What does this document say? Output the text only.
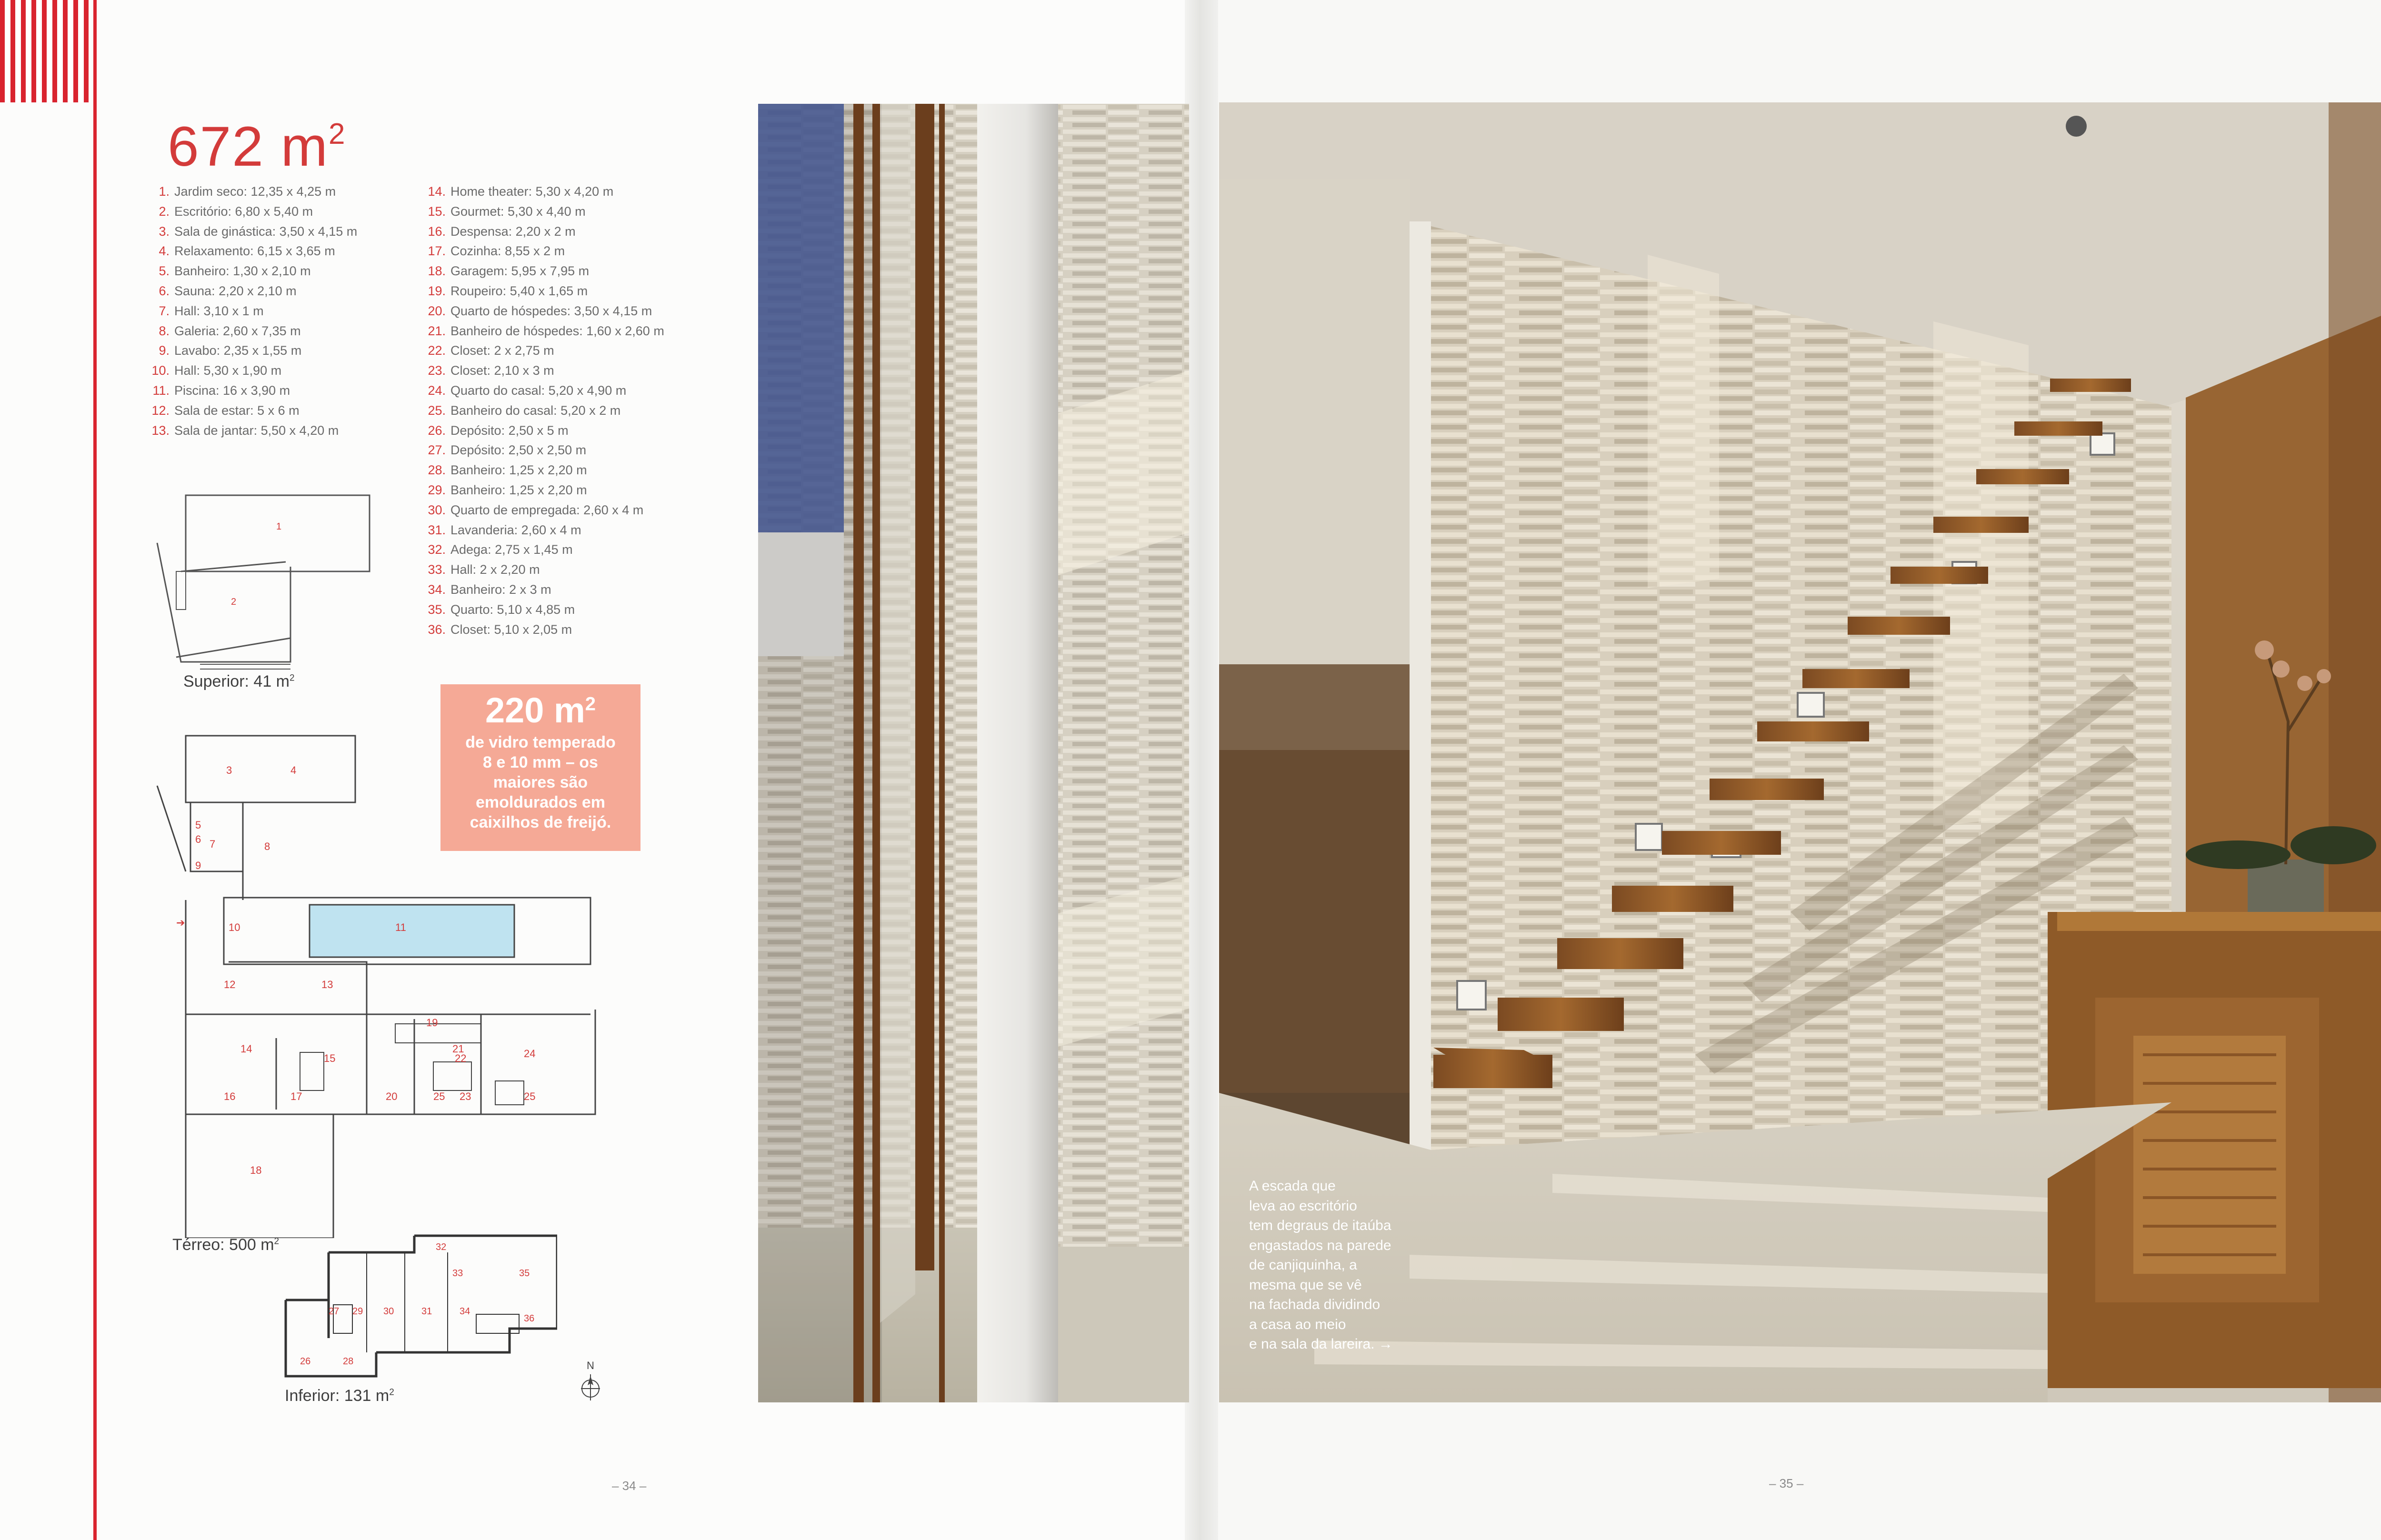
672 $m^2$
1. Jardim seco: 12,35 x 4,25 m
2. Escritório: 6,80 x 5,40 m
3. Sala de ginástica: 3,50 x 4,15 m
4. Relaxamento: 6,15 x 3,65 m
5. Banheiro: 1,30 x 2,10 m
6. Sauna: 2,20 x 2,10 m
7. Hall: 3,10 x 1 m
8. Galeria: 2,60 x 7,35 m
9. Lavabo: 2,35 x 1,55 m
10. Hall: 5,30 x 1,90 m
11. Piscina: 16 x 3,90 m
12. Sala de estar: 5 x 6 m
13. Sala de jantar: 5,50 x 4,20 m
14. Home theater: 5,30 x 4,20 m
15. Gourmet: 5,30 x 4,40 m
16. Despensa: 2,20 x 2 m
17. Cozinha: 8,55 x 2 m
18. Garagem: 5,95 x 7,95 m
19. Roupeiro: 5,40 x 1,65 m
20. Quarto de hóspedes: 3,50 x 4,15 m
21. Banheiro de hóspedes: 1,60 x 2,60 m
22. Closet: 2 x 2,75 m
23. Closet: 2,10 x 3 m
24. Quarto do casal: 5,20 x 4,90 m
25. Banheiro do casal: 5,20 x 2 m
26. Depósito: 2,50 x 5 m
27. Depósito: 2,50 x 2,50 m
28. Banheiro: 1,25 x 2,20 m
29. Banheiro: 1,25 x 2,20 m
30. Quarto de empregada: 2,60 x 4 m
31. Lavanderia: 2,60 x 4 m
32. Adega: 2,75 x 1,45 m
33. Hall: 2 x 2,20 m
34. Banheiro: 2 x 3 m
35. Quarto: 5,10 x 4,85 m
36. Closet: 5,10 x 2,05 m
1
2
Superior: 41 $m^2$
220 $m^2$
de vidro temperado
8 e 10 mm – os
maiores são
emoldurados em
caixilhos de freijó.
3	4
5
6 7	8
9
10	11
12	13
14
15
16	17
18
19
20
21
22
23
24
25	25
➔
Térreo: 500 $m^2$
32
33	35
27 29 30	31	34
36
26	28
Inferior: 131 $m^2$
N
A escada que
leva ao escritório
tem degraus de itaúba
engastados na parede
de canjiquinha, a
mesma que se vê
na fachada dividindo
a casa ao meio
e na sala da lareira. →
– 34 –	– 35 –
